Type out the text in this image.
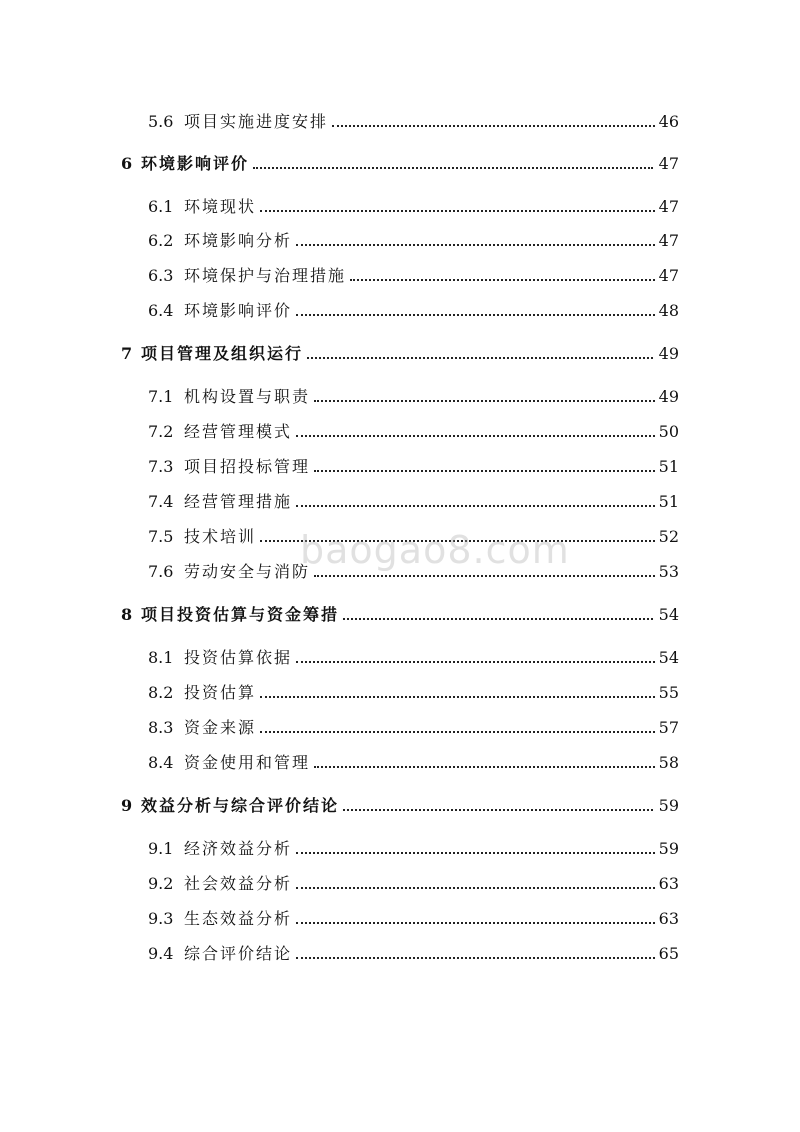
5.6 项目实施进度安排	46
6 环境影响评价	47
6.1 环境现状	47
6.2 环境影响分析	47
6.3 环境保护与治理措施	47
6.4 环境影响评价	48
7 项目管理及组织运行	49
7.1 机构设置与职责	49
7.2 经营管理模式	50
7.3 项目招投标管理	51
7.4 经营管理措施	51
7.5 技术培训	52
7.6 劳动安全与消防	53
8 项目投资估算与资金筹措	54
8.1 投资估算依据	54
8.2 投资估算	55
8.3 资金来源	57
8.4 资金使用和管理	58
9 效益分析与综合评价结论	59
9.1 经济效益分析	59
9.2 社会效益分析	63
9.3 生态效益分析	63
9.4 综合评价结论	65
baogao8.com
